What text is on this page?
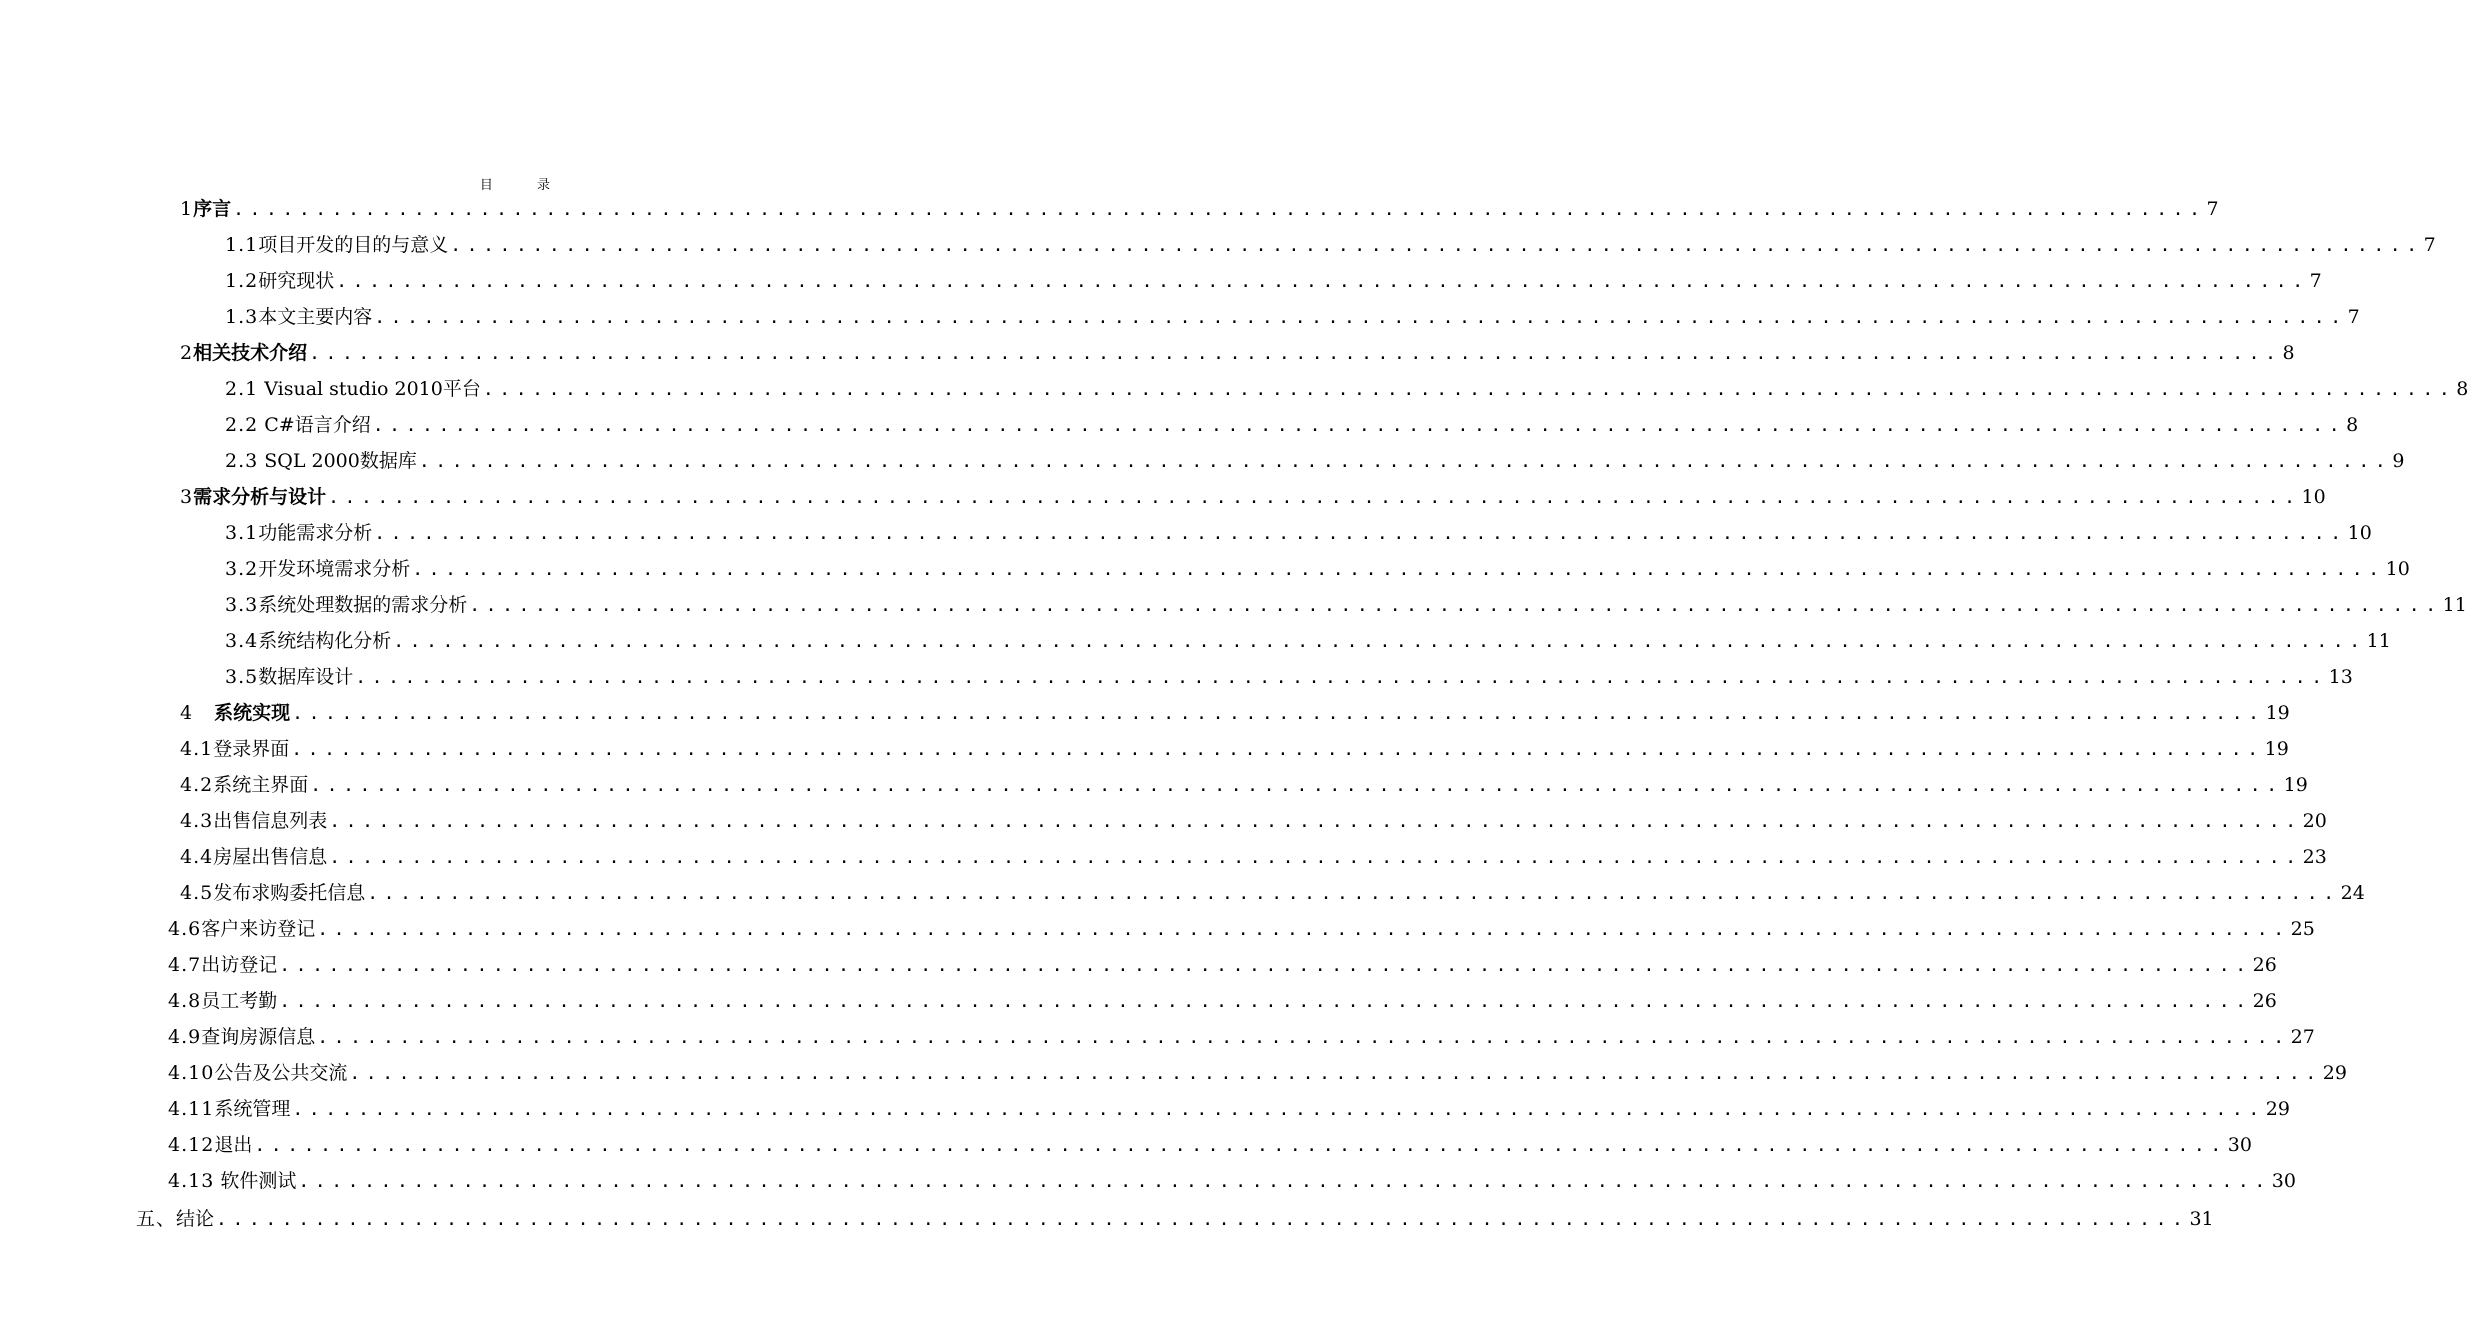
目 录
1序言 ........................................................................................................................ 7
1.1项目开发的目的与意义 ........................................................................................................................ 7
1.2研究现状 ........................................................................................................................ 7
1.3本文主要内容 ........................................................................................................................ 7
2相关技术介绍 ........................................................................................................................ 8
2.1 Visual studio 2010平台 ........................................................................................................................ 8
2.2 C#语言介绍 ........................................................................................................................ 8
2.3 SQL 2000数据库 ........................................................................................................................ 9
3需求分析与设计 ........................................................................................................................ 10
3.1功能需求分析 ........................................................................................................................ 10
3.2开发环境需求分析 ........................................................................................................................ 10
3.3系统处理数据的需求分析 ........................................................................................................................ 11
3.4系统结构化分析 ........................................................................................................................ 11
3.5数据库设计 ........................................................................................................................ 13
4 系统实现 ........................................................................................................................ 19
4.1登录界面 ........................................................................................................................ 19
4.2系统主界面 ........................................................................................................................ 19
4.3出售信息列表 ........................................................................................................................ 20
4.4房屋出售信息 ........................................................................................................................ 23
4.5发布求购委托信息 ........................................................................................................................ 24
4.6客户来访登记 ........................................................................................................................ 25
4.7出访登记 ........................................................................................................................ 26
4.8员工考勤 ........................................................................................................................ 26
4.9查询房源信息 ........................................................................................................................ 27
4.10公告及公共交流 ........................................................................................................................ 29
4.11系统管理 ........................................................................................................................ 29
4.12退出 ........................................................................................................................ 30
4.13 软件测试 ........................................................................................................................ 30
五、结论 ........................................................................................................................ 31
